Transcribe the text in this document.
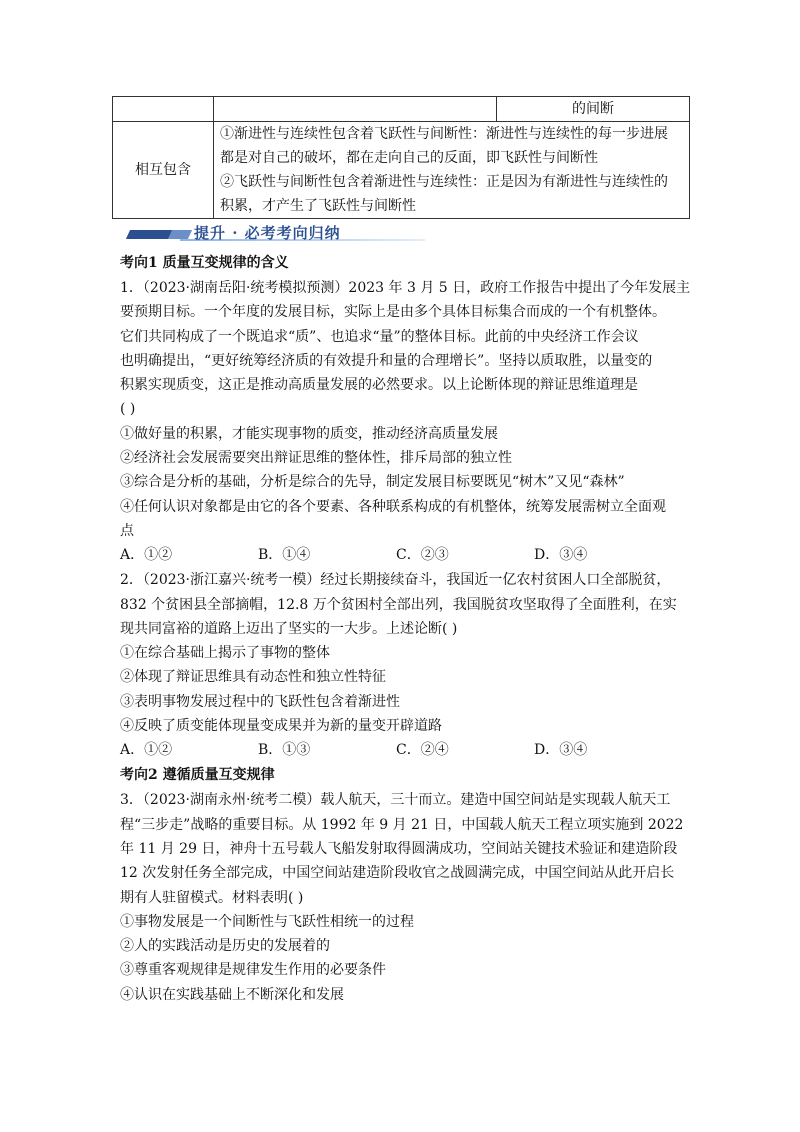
		的间断
相互包含	①渐进性与连续性包含着飞跃性与间断性：渐进性与连续性的每一步进展
都是对自己的破坏，都在走向自己的反面，即飞跃性与间断性
②飞跃性与间断性包含着渐进性与连续性：正是因为有渐进性与连续性的
积累，才产生了飞跃性与间断性	
提升 · 必考考向归纳
考向1 质量互变规律的含义
1．（2023·湖南岳阳·统考模拟预测）2023 年 3 月 5 日，政府工作报告中提出了今年发展主
要预期目标。一个年度的发展目标，实际上是由多个具体目标集合而成的一个有机整体。
它们共同构成了一个既追求“质”、也追求“量”的整体目标。此前的中央经济工作会议
也明确提出，“更好统筹经济质的有效提升和量的合理增长”。坚持以质取胜，以量变的
积累实现质变，这正是推动高质量发展的必然要求。以上论断体现的辩证思维道理是
( )
①做好量的积累，才能实现事物的质变，推动经济高质量发展
②经济社会发展需要突出辩证思维的整体性，排斥局部的独立性
③综合是分析的基础，分析是综合的先导，制定发展目标要既见“树木”又见“森林”
④任何认识对象都是由它的各个要素、各种联系构成的有机整体，统筹发展需树立全面观
点
A．①②	B．①④	C．②③	D．③④
2．（2023·浙江嘉兴·统考一模）经过长期接续奋斗，我国近一亿农村贫困人口全部脱贫，
832 个贫困县全部摘帽，12.8 万个贫困村全部出列，我国脱贫攻坚取得了全面胜利，在实
现共同富裕的道路上迈出了坚实的一大步。上述论断( )
①在综合基础上揭示了事物的整体
②体现了辩证思维具有动态性和独立性特征
③表明事物发展过程中的飞跃性包含着渐进性
④反映了质变能体现量变成果并为新的量变开辟道路
A．①②	B．①③	C．②④	D．③④
考向2 遵循质量互变规律
3．（2023·湖南永州·统考二模）载人航天，三十而立。建造中国空间站是实现载人航天工
程“三步走”战略的重要目标。从 1992 年 9 月 21 日，中国载人航天工程立项实施到 2022
年 11 月 29 日，神舟十五号载人飞船发射取得圆满成功，空间站关键技术验证和建造阶段
12 次发射任务全部完成，中国空间站建造阶段收官之战圆满完成，中国空间站从此开启长
期有人驻留模式。材料表明( )
①事物发展是一个间断性与飞跃性相统一的过程
②人的实践活动是历史的发展着的
③尊重客观规律是规律发生作用的必要条件
④认识在实践基础上不断深化和发展
